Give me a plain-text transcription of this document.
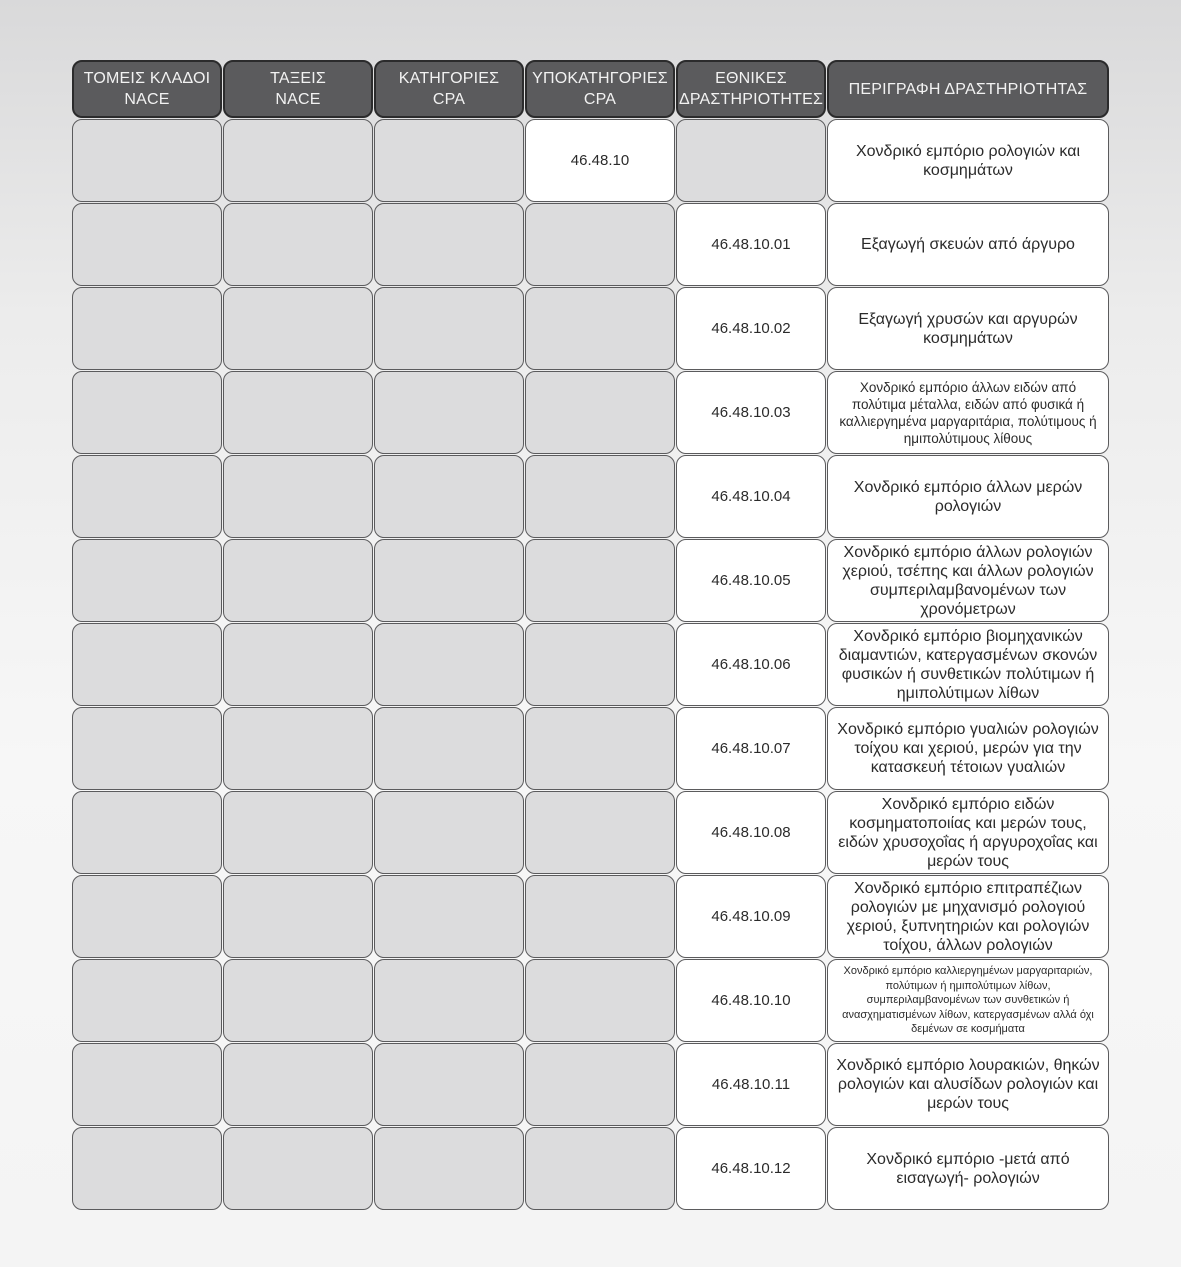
ΤΟΜΕΙΣ ΚΛΑΔΟΙ
NACE
ΤΑΞΕΙΣ
NACE
ΚΑΤΗΓΟΡΙΕΣ
CPA
ΥΠΟΚΑΤΗΓΟΡΙΕΣ
CPA
ΕΘΝΙΚΕΣ
ΔΡΑΣΤΗΡΙΟΤΗΤΕΣ
ΠΕΡΙΓΡΑΦΗ ΔΡΑΣΤΗΡΙΟΤΗΤΑΣ
46.48.10
Χονδρικό εμπόριο ρολογιών και κοσμημάτων
46.48.10.01	Εξαγωγή σκευών από άργυρο
46.48.10.02
Εξαγωγή χρυσών και αργυρών κοσμημάτων
46.48.10.03
Χονδρικό εμπόριο άλλων ειδών από πολύτιμα μέταλλα, ειδών από φυσικά ή καλλιεργημένα μαργαριτάρια, πολύτιμους ή ημιπολύτιμους λίθους
46.48.10.04
Χονδρικό εμπόριο άλλων μερών ρολογιών
46.48.10.05
Χονδρικό εμπόριο άλλων ρολογιών χεριού, τσέπης και άλλων ρολογιών συμπεριλαμβανομένων των χρονόμετρων
46.48.10.06
Χονδρικό εμπόριο βιομηχανικών διαμαντιών, κατεργασμένων σκονών φυσικών ή συνθετικών πολύτιμων ή ημιπολύτιμων λίθων
46.48.10.07
Χονδρικό εμπόριο γυαλιών ρολογιών τοίχου και χεριού, μερών για την κατασκευή τέτοιων γυαλιών
46.48.10.08
Χονδρικό εμπόριο ειδών κοσμηματοποιίας και μερών τους, ειδών χρυσοχοΐας ή αργυροχοΐας και μερών τους
46.48.10.09
Χονδρικό εμπόριο επιτραπέζιων ρολογιών με μηχανισμό ρολογιού χεριού, ξυπνητηριών και ρολογιών τοίχου, άλλων ρολογιών
46.48.10.10
Χονδρικό εμπόριο καλλιεργημένων μαργαριταριών, πολύτιμων ή ημιπολύτιμων λίθων, συμπεριλαμβανομένων των συνθετικών ή ανασχηματισμένων λίθων, κατεργασμένων αλλά όχι δεμένων σε κοσμήματα
46.48.10.11
Χονδρικό εμπόριο λουρακιών, θηκών ρολογιών και αλυσίδων ρολογιών και μερών τους
46.48.10.12
Χονδρικό εμπόριο -μετά από εισαγωγή- ρολογιών
